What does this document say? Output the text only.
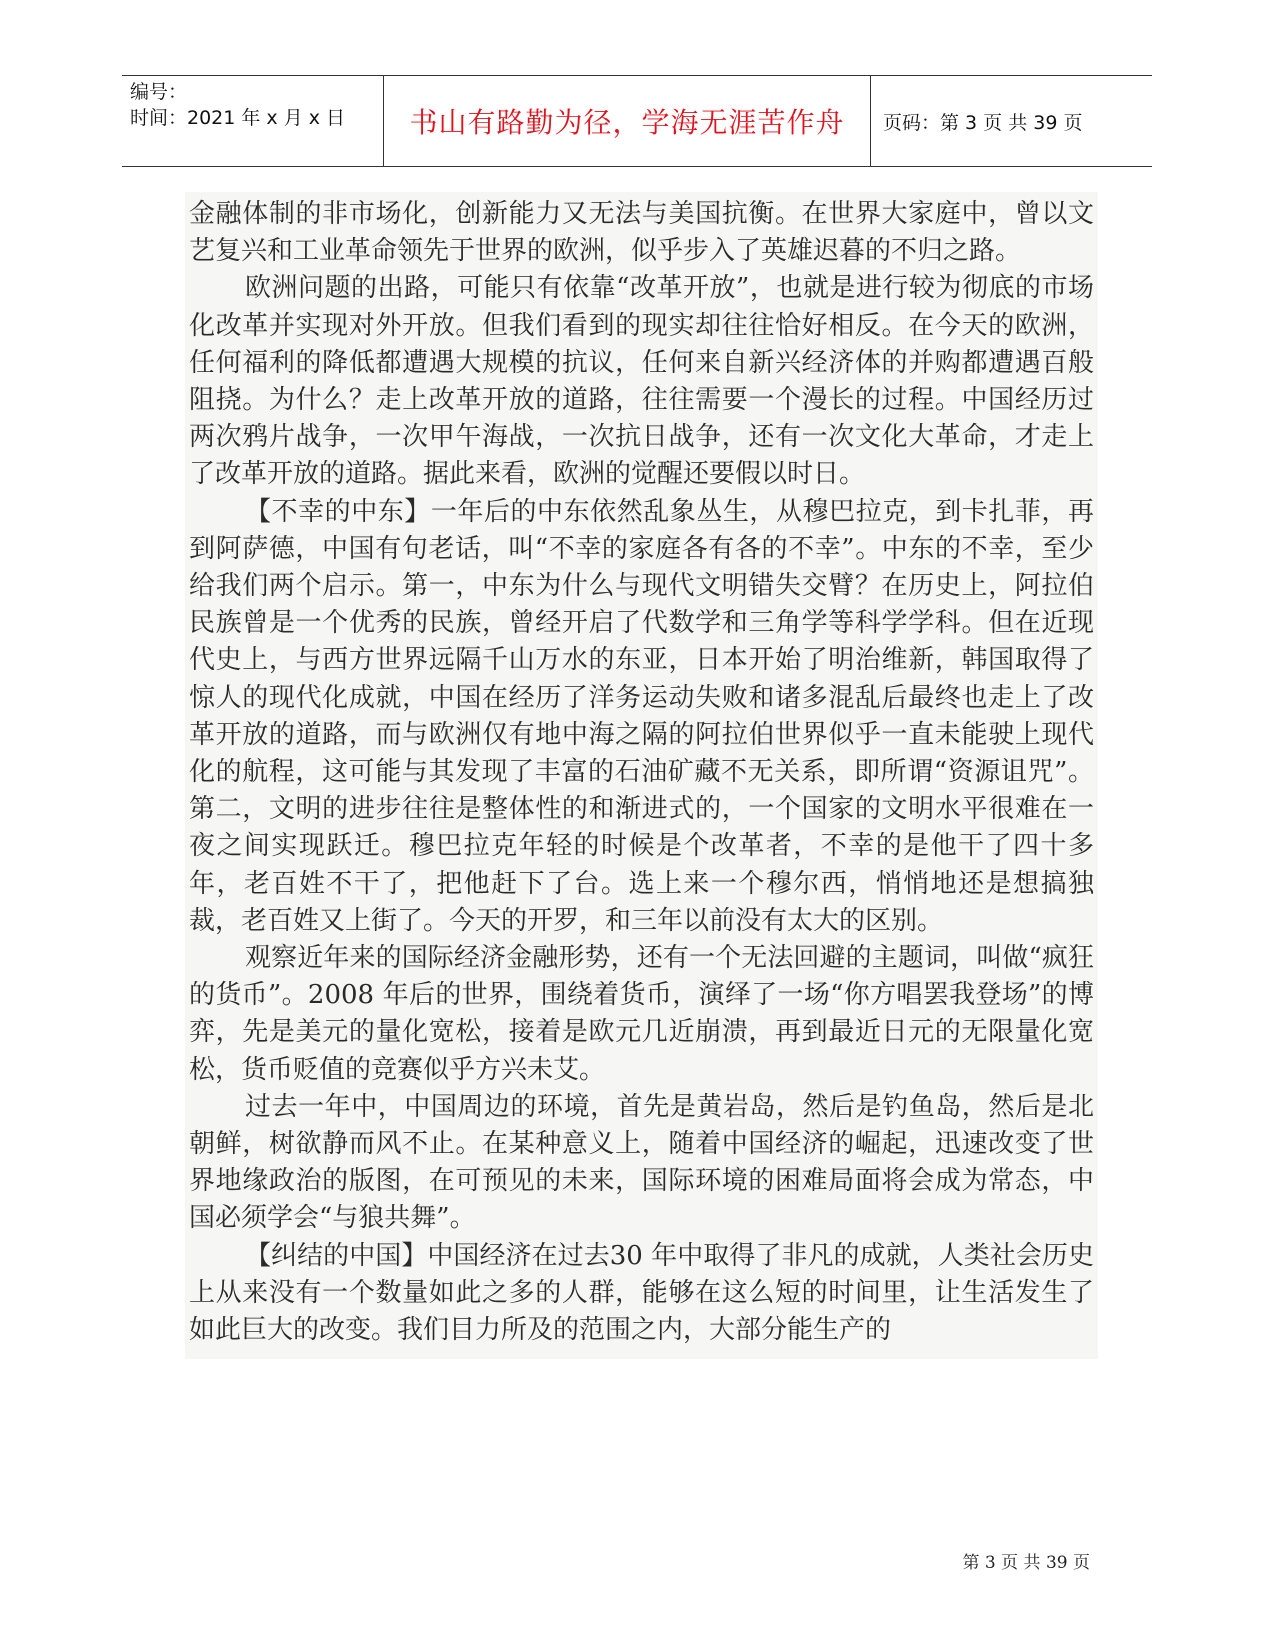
编号：
时间：2021 年 x 月 x 日	书山有路勤为径，学海无涯苦作舟	页码：第 3 页 共 39 页

金融体制的非市场化，创新能力又无法与美国抗衡。在世界大家庭中，曾以文艺复兴和工业革命领先于世界的欧洲，似乎步入了英雄迟暮的不归之路。

欧洲问题的出路，可能只有依靠“改革开放”，也就是进行较为彻底的市场化改革并实现对外开放。但我们看到的现实却往往恰好相反。在今天的欧洲，任何福利的降低都遭遇大规模的抗议，任何来自新兴经济体的并购都遭遇百般阻挠。为什么？走上改革开放的道路，往往需要一个漫长的过程。中国经历过两次鸦片战争，一次甲午海战，一次抗日战争，还有一次文化大革命，才走上了改革开放的道路。据此来看，欧洲的觉醒还要假以时日。

【不幸的中东】一年后的中东依然乱象丛生，从穆巴拉克，到卡扎菲，再到阿萨德，中国有句老话，叫“不幸的家庭各有各的不幸”。中东的不幸，至少给我们两个启示。第一，中东为什么与现代文明错失交臂？在历史上，阿拉伯民族曾是一个优秀的民族，曾经开启了代数学和三角学等科学学科。但在近现代史上，与西方世界远隔千山万水的东亚，日本开始了明治维新，韩国取得了惊人的现代化成就，中国在经历了洋务运动失败和诸多混乱后最终也走上了改革开放的道路，而与欧洲仅有地中海之隔的阿拉伯世界似乎一直未能驶上现代化的航程，这可能与其发现了丰富的石油矿藏不无关系，即所谓“资源诅咒”。第二，文明的进步往往是整体性的和渐进式的，一个国家的文明水平很难在一夜之间实现跃迁。穆巴拉克年轻的时候是个改革者，不幸的是他干了四十多年，老百姓不干了，把他赶下了台。选上来一个穆尔西，悄悄地还是想搞独裁，老百姓又上街了。今天的开罗，和三年以前没有太大的区别。

观察近年来的国际经济金融形势，还有一个无法回避的主题词，叫做“疯狂的货币”。2008 年后的世界，围绕着货币，演绎了一场“你方唱罢我登场”的博弈，先是美元的量化宽松，接着是欧元几近崩溃，再到最近日元的无限量化宽松，货币贬值的竞赛似乎方兴未艾。

过去一年中，中国周边的环境，首先是黄岩岛，然后是钓鱼岛，然后是北朝鲜，树欲静而风不止。在某种意义上，随着中国经济的崛起，迅速改变了世界地缘政治的版图，在可预见的未来，国际环境的困难局面将会成为常态，中国必须学会“与狼共舞”。

【纠结的中国】中国经济在过去30 年中取得了非凡的成就，人类社会历史上从来没有一个数量如此之多的人群，能够在这么短的时间里，让生活发生了如此巨大的改变。我们目力所及的范围之内，大部分能生产的

第 3 页 共 39 页
